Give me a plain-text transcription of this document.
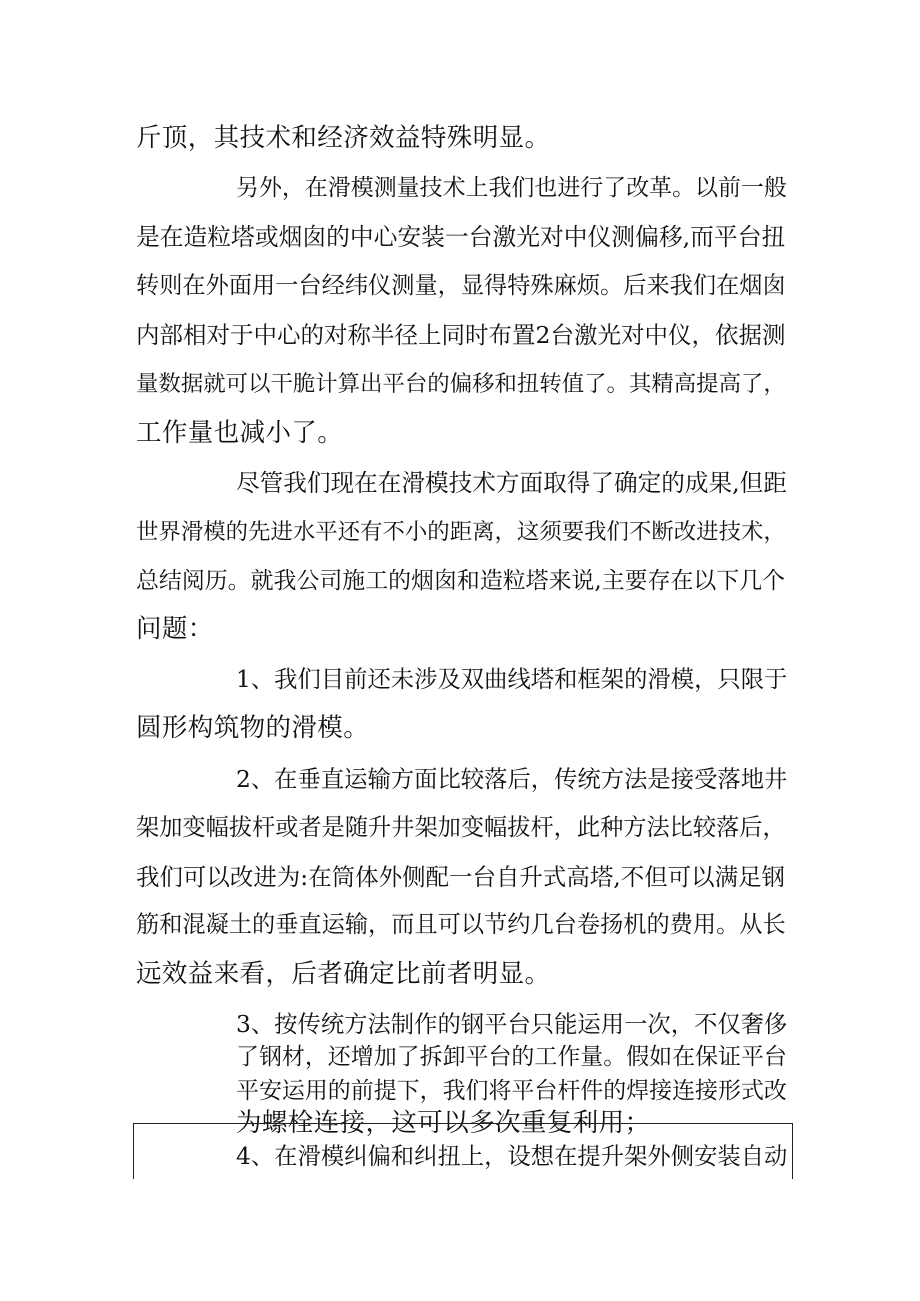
斤顶，其技术和经济效益特殊明显。
另外，在滑模测量技术上我们也进行了改革。以前一般
是在造粒塔或烟囱的中心安装一台激光对中仪测偏移,而平台扭
转则在外面用一台经纬仪测量，显得特殊麻烦。后来我们在烟囱
内部相对于中心的对称半径上同时布置2台激光对中仪，依据测
量数据就可以干脆计算出平台的偏移和扭转值了。其精高提高了，
工作量也减小了。
尽管我们现在在滑模技术方面取得了确定的成果,但距
世界滑模的先进水平还有不小的距离，这须要我们不断改进技术，
总结阅历。就我公司施工的烟囱和造粒塔来说,主要存在以下几个
问题：
1、我们目前还未涉及双曲线塔和框架的滑模，只限于
圆形构筑物的滑模。
2、在垂直运输方面比较落后，传统方法是接受落地井
架加变幅拔杆或者是随升井架加变幅拔杆，此种方法比较落后，
我们可以改进为:在筒体外侧配一台自升式高塔,不但可以满足钢
筋和混凝土的垂直运输，而且可以节约几台卷扬机的费用。从长
远效益来看，后者确定比前者明显。
3、按传统方法制作的钢平台只能运用一次，不仅奢侈
了钢材，还增加了拆卸平台的工作量。假如在保证平台
平安运用的前提下，我们将平台杆件的焊接连接形式改
为螺栓连接，这可以多次重复利用；
4、在滑模纠偏和纠扭上，设想在提升架外侧安装自动
